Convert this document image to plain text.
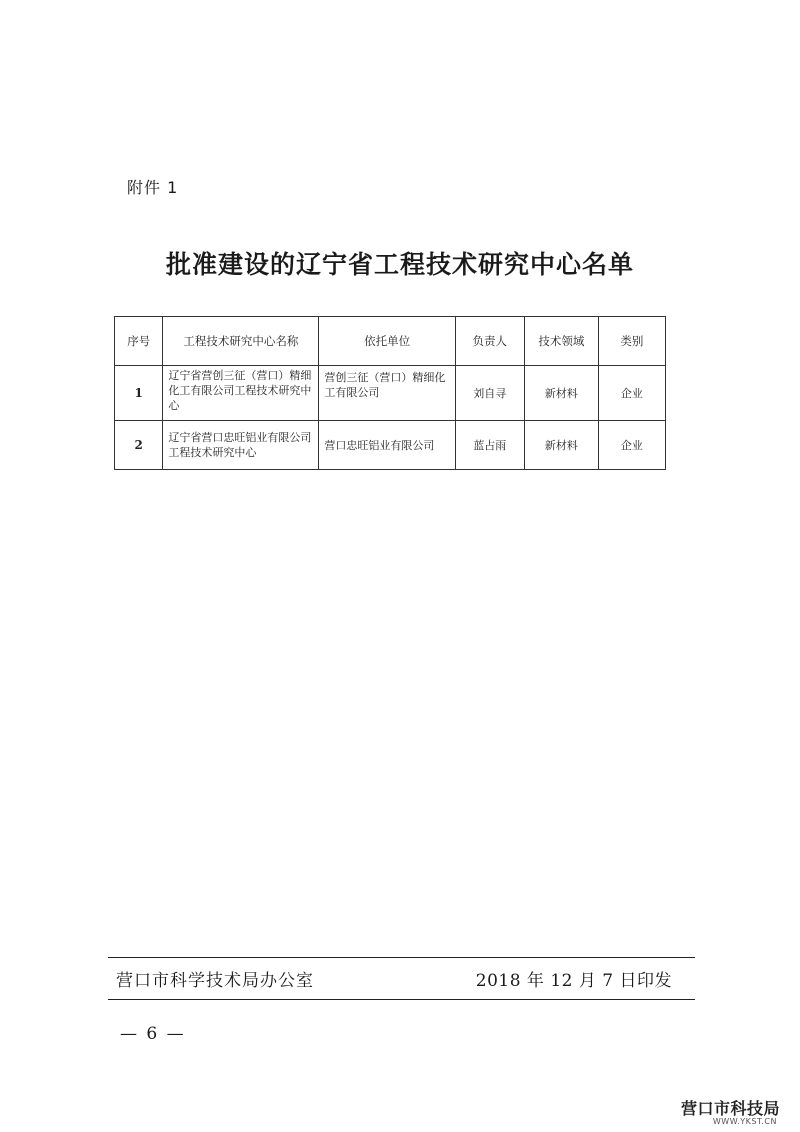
附件 1
批准建设的辽宁省工程技术研究中心名单
序号	工程技术研究中心名称	依托单位	负责人	技术领域	类别
1	辽宁省营创三征（营口）精细化工有限公司工程技术研究中心	营创三征（营口）精细化工有限公司	刘自寻	新材料	企业
2	辽宁省营口忠旺铝业有限公司工程技术研究中心	营口忠旺铝业有限公司	蓝占雨	新材料	企业
营口市科学技术局办公室	2018 年 12 月 7 日印发
— 6 —
营口市科技局
WWW.YKST.CN
